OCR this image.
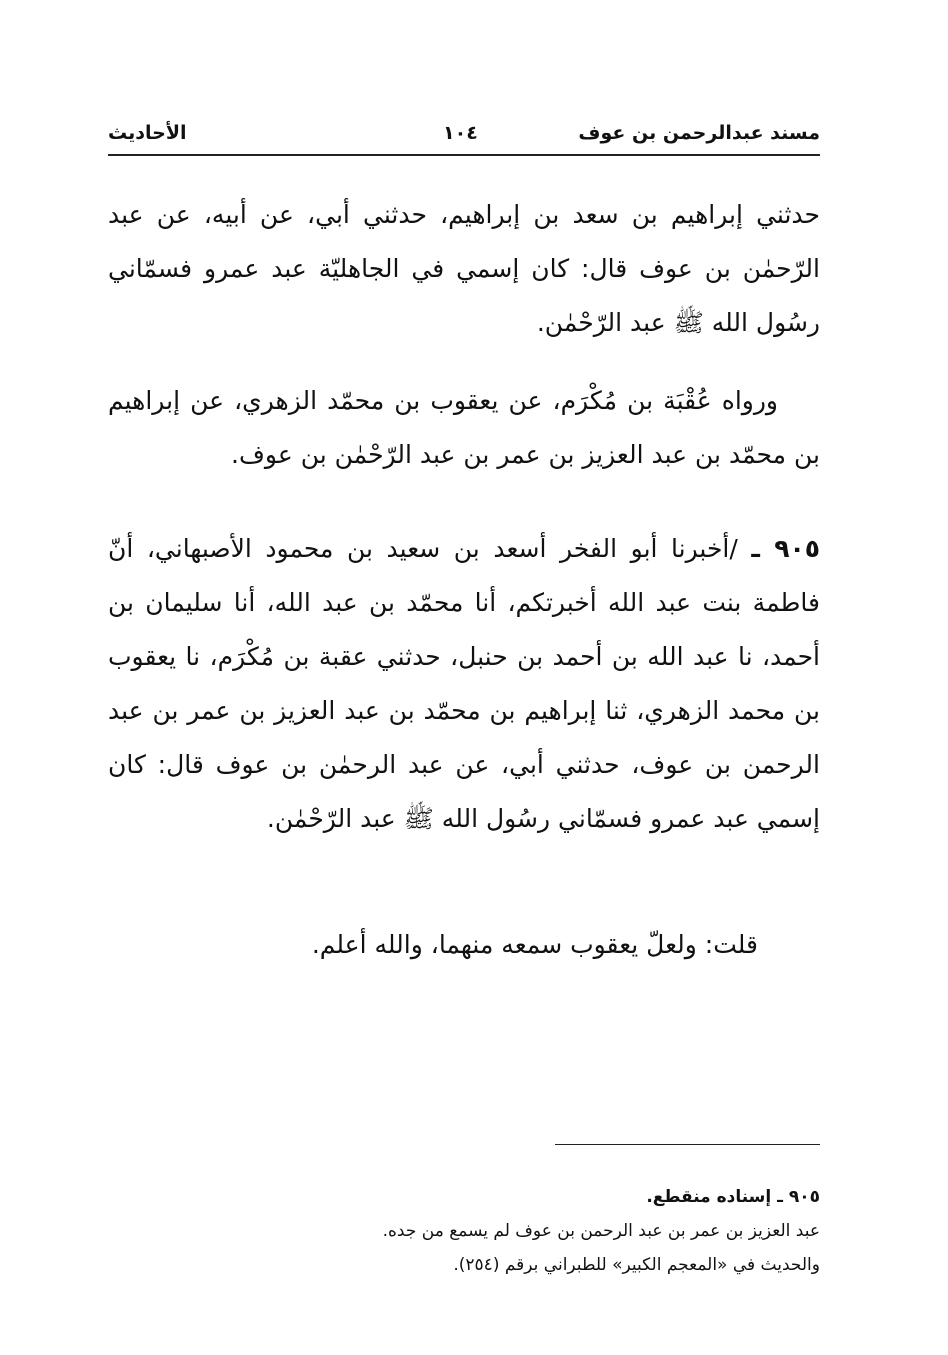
مسند عبدالرحمن بن عوف
١٠٤
الأحاديث

حدثني إبراهيم بن سعد بن إبراهيم، حدثني أبي، عن أبيه، عن عبد الرّحمٰن بن عوف قال: كان إسمي في الجاهليّة عبد عمرو فسمّاني رسُول الله ﷺ عبد الرّحْمٰن.

ورواه عُقْبَة بن مُكْرَم، عن يعقوب بن محمّد الزهري، عن إبراهيم بن محمّد بن عبد العزيز بن عمر بن عبد الرّحْمٰن بن عوف.

٩٠٥ ـ /أخبرنا أبو الفخر أسعد بن سعيد بن محمود الأصبهاني، أنّ فاطمة بنت عبد الله أخبرتكم، أنا محمّد بن عبد الله، أنا سليمان بن أحمد، نا عبد الله بن أحمد بن حنبل، حدثني عقبة بن مُكْرَم، نا يعقوب بن محمد الزهري، ثنا إبراهيم بن محمّد بن عبد العزيز بن عمر بن عبد الرحمن بن عوف، حدثني أبي، عن عبد الرحمٰن بن عوف قال: كان إسمي عبد عمرو فسمّاني رسُول الله ﷺ عبد الرّحْمٰن.

قلت: ولعلّ يعقوب سمعه منهما، والله أعلم.

٩٠٥ ـ إسناده منقطع.
عبد العزيز بن عمر بن عبد الرحمن بن عوف لم يسمع من جده.
والحديث في «المعجم الكبير» للطبراني برقم (٢٥٤).
